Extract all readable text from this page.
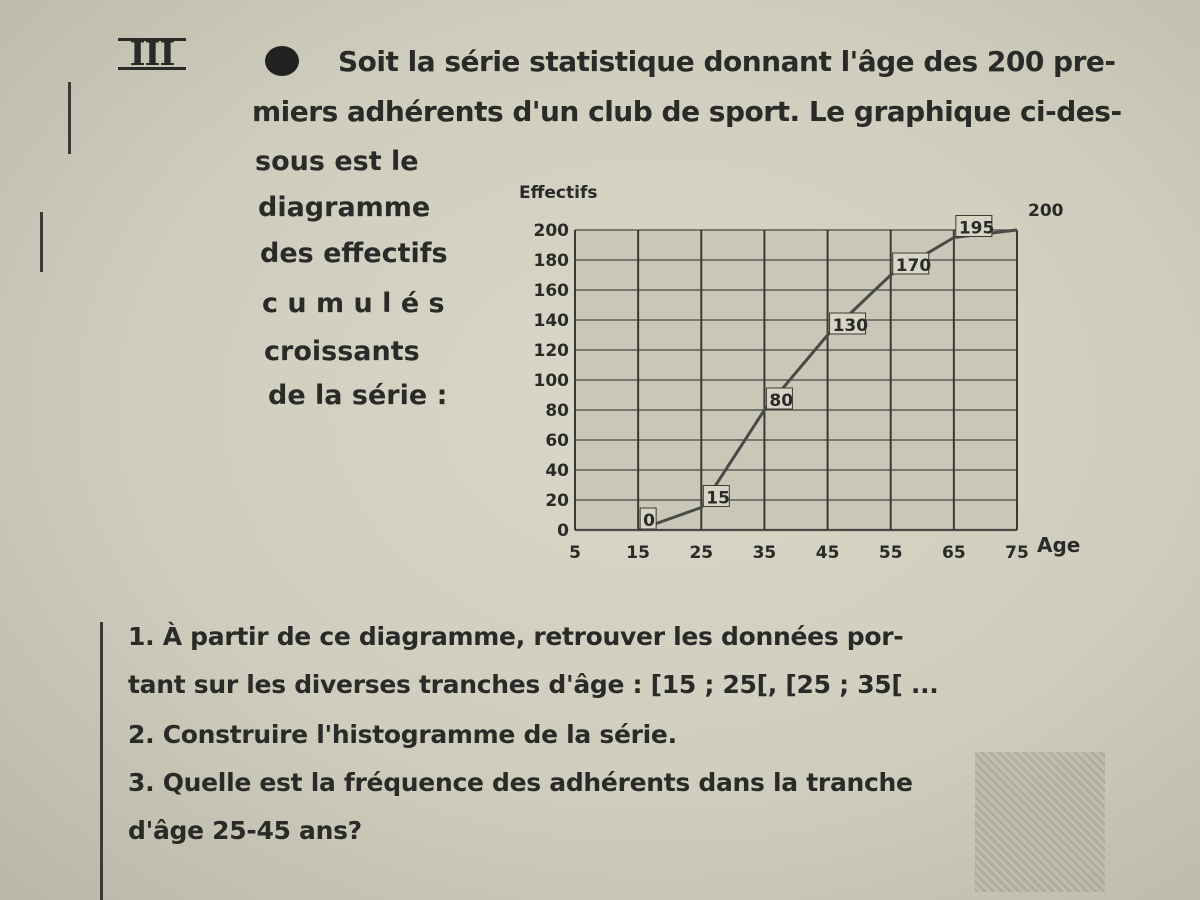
III	Soit la série statistique donnant l'âge des 200 pre-
miers adhérents d'un club de sport. Le graphique ci-des-
sous est le
diagramme
des effectifs
c u m u l é s
croissants
de la série :
0
15
80
130
170
195
200
0
20
40
60
80
100
120
140
160
180
200
5	15 25 35 45 55 65 75
Effectifs
Age
1. À partir de ce diagramme, retrouver les données por-
tant sur les diverses tranches d'âge : [15 ; 25[, [25 ; 35[ ...
2. Construire l'histogramme de la série.
3. Quelle est la fréquence des adhérents dans la tranche
d'âge 25-45 ans?
